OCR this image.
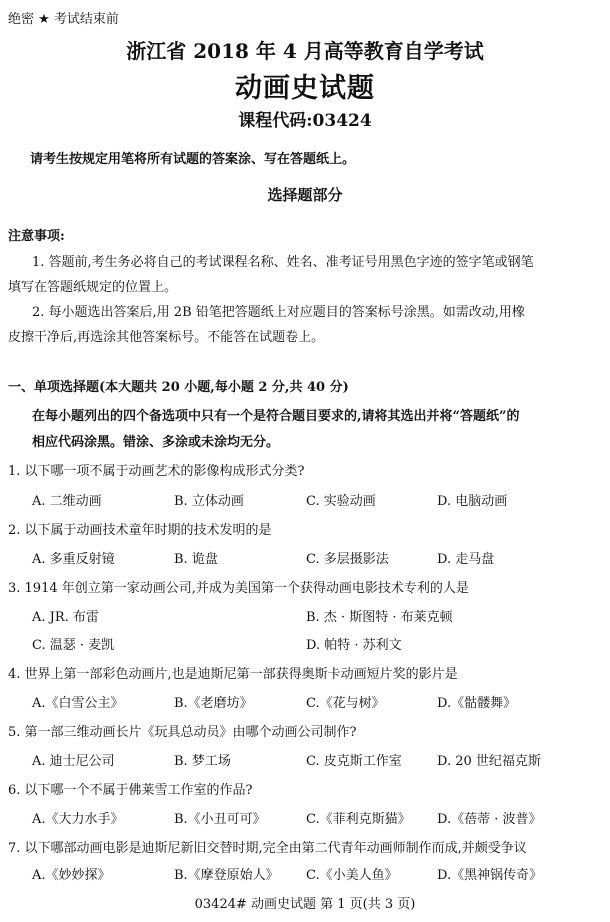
绝密 ★ 考试结束前
浙江省 2018 年 4 月高等教育自学考试
动画史试题
课程代码:03424
请考生按规定用笔将所有试题的答案涂、写在答题纸上。
选择题部分
注意事项:
1. 答题前,考生务必将自己的考试课程名称、姓名、准考证号用黑色字迹的签字笔或钢笔
填写在答题纸规定的位置上。
2. 每小题选出答案后,用 2B 铅笔把答题纸上对应题目的答案标号涂黑。如需改动,用橡
皮擦干净后,再选涂其他答案标号。不能答在试题卷上。
一、单项选择题(本大题共 20 小题,每小题 2 分,共 40 分)
在每小题列出的四个备选项中只有一个是符合题目要求的,请将其选出并将“答题纸”的
相应代码涂黑。错涂、多涂或未涂均无分。
1. 以下哪一项不属于动画艺术的影像构成形式分类?
A. 二维动画	B. 立体动画	C. 实验动画	D. 电脑动画
2. 以下属于动画技术童年时期的技术发明的是
A. 多重反射镜	B. 诡盘	C. 多层摄影法	D. 走马盘
3. 1914 年创立第一家动画公司,并成为美国第一个获得动画电影技术专利的人是
A. JR. 布雷	B. 杰 · 斯图特 · 布莱克顿
C. 温瑟 · 麦凯	D. 帕特 · 苏利文
4. 世界上第一部彩色动画片,也是迪斯尼第一部获得奥斯卡动画短片奖的影片是
A.《白雪公主》	B.《老磨坊》	C.《花与树》	D.《骷髅舞》
5. 第一部三维动画长片《玩具总动员》由哪个动画公司制作?
A. 迪士尼公司	B. 梦工场	C. 皮克斯工作室	D. 20 世纪福克斯
6. 以下哪一个不属于佛莱雪工作室的作品?
A.《大力水手》	B.《小丑可可》	C.《菲利克斯猫》 D.《蓓蒂 · 波普》
7. 以下哪部动画电影是迪斯尼新旧交替时期,完全由第二代青年动画师制作而成,并颇受争议
A.《妙妙探》	B.《摩登原始人》 C.《小美人鱼》	D.《黑神锅传奇》
03424# 动画史试题 第 1 页(共 3 页)
